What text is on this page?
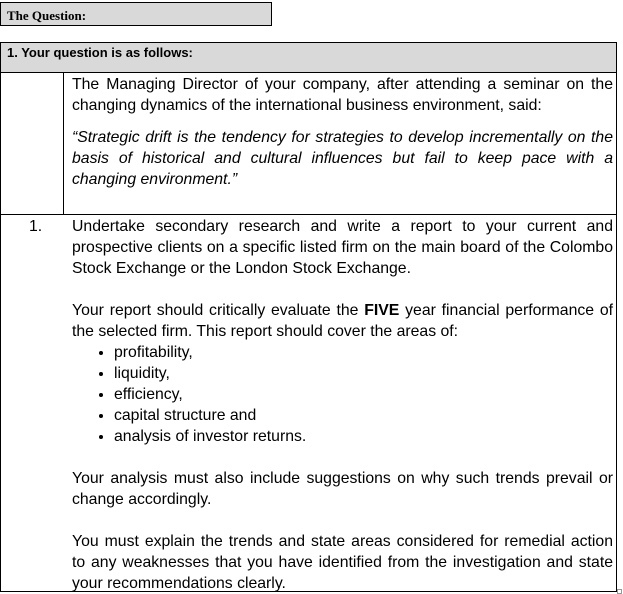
The Question:
1. Your question is as follows:

The Managing Director of your company, after attending a seminar on the changing dynamics of the international business environment, said:

“Strategic drift is the tendency for strategies to develop incrementally on the basis of historical and cultural influences but fail to keep pace with a changing environment.”

1. Undertake secondary research and write a report to your current and prospective clients on a specific listed firm on the main board of the Colombo Stock Exchange or the London Stock Exchange.

Your report should critically evaluate the FIVE year financial performance of the selected firm. This report should cover the areas of:

• profitability,
• liquidity,
• efficiency,
• capital structure and
• analysis of investor returns.

Your analysis must also include suggestions on why such trends prevail or change accordingly.

You must explain the trends and state areas considered for remedial action to any weaknesses that you have identified from the investigation and state your recommendations clearly.
